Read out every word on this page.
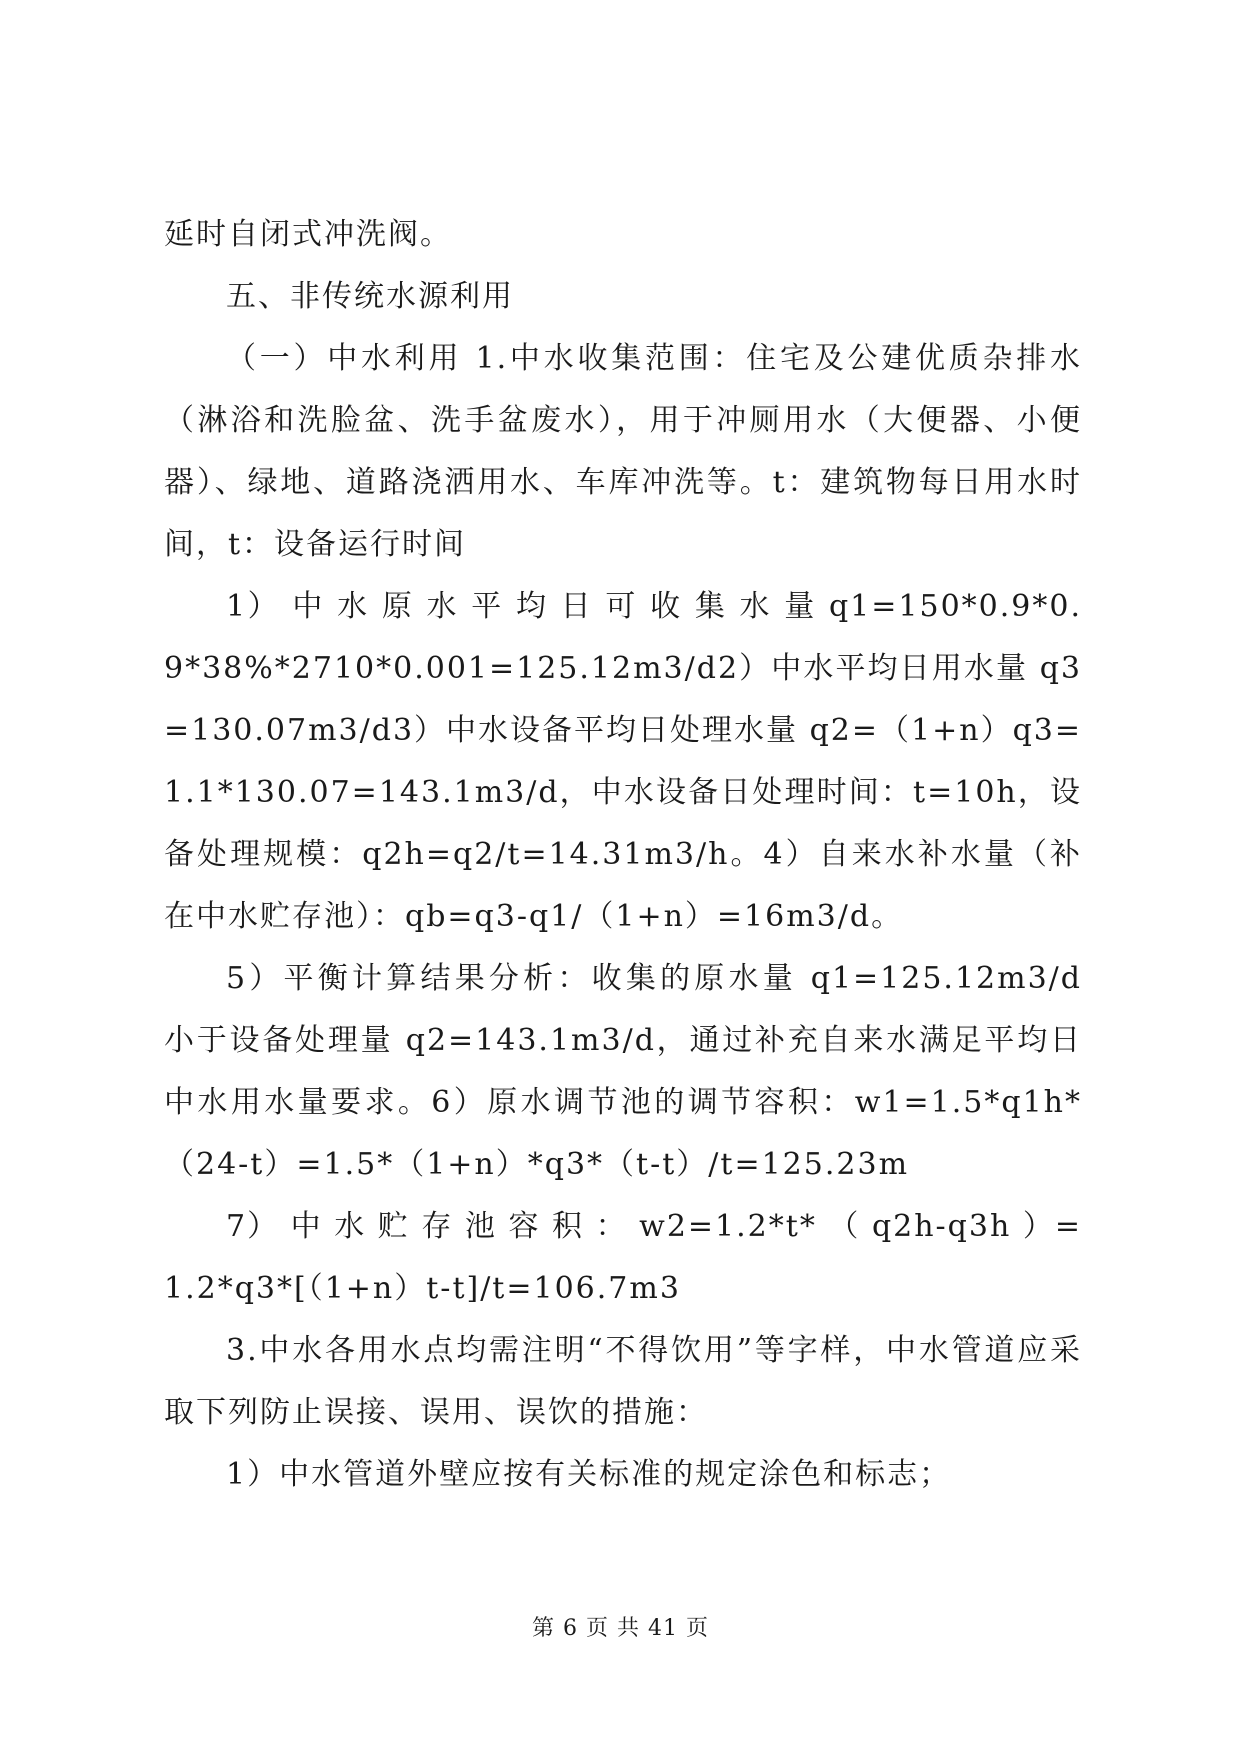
延时自闭式冲洗阀。

五、非传统水源利用

（一）中水利用 1.中水收集范围：住宅及公建优质杂排水（淋浴和洗脸盆、洗手盆废水），用于冲厕用水（大便器、小便器）、绿地、道路浇洒用水、车库冲洗等。t：建筑物每日用水时间，t：设备运行时间

1） 中 水 原 水 平 均 日 可 收 集 水 量 q1=150*0.9*0.9*38%*2710*0.001=125.12m3/d2）中水平均日用水量 q3=130.07m3/d3）中水设备平均日处理水量 q2=（1+n）q3=1.1*130.07=143.1m3/d，中水设备日处理时间：t=10h，设备处理规模：q2h=q2/t=14.31m3/h。4）自来水补水量（补在中水贮存池）：qb=q3-q1/（1+n）=16m3/d。

5）平衡计算结果分析：收集的原水量 q1=125.12m3/d 小于设备处理量 q2=143.1m3/d，通过补充自来水满足平均日中水用水量要求。6）原水调节池的调节容积：w1=1.5*q1h*（24-t）=1.5*（1+n）*q3*（t-t）/t=125.23m

7） 中 水 贮 存 池 容 积 ： w2=1.2*t* （ q2h-q3h ）=1.2*q3*[（1+n）t-t]/t=106.7m3

3.中水各用水点均需注明“不得饮用”等字样，中水管道应采取下列防止误接、误用、误饮的措施：

1）中水管道外壁应按有关标准的规定涂色和标志；

第 6 页 共 41 页
